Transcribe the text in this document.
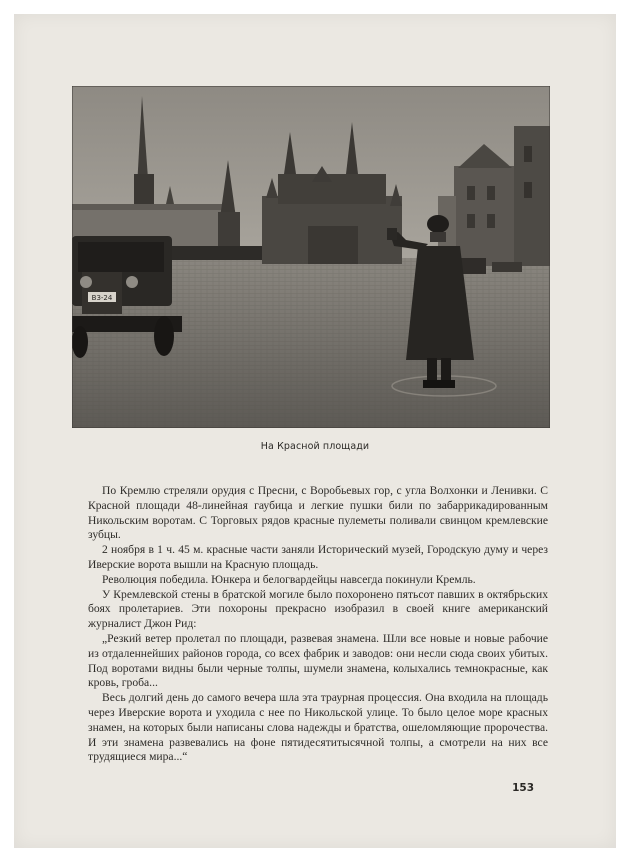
В3-24
На Красной площади

По Кремлю стреляли орудия с Пресни, с Воробьевых гор, с угла Волхонки и Ленивки. С Красной площади 48-линейная гаубица и легкие пушки били по забаррикадированным Никольским воротам. С Торговых рядов красные пулеметы поливали свинцом кремлевские зубцы.

2 ноября в 1 ч. 45 м. красные части заняли Исторический музей, Городскую думу и через Иверские ворота вышли на Красную площадь.

Революция победила. Юнкера и белогвардейцы навсегда покинули Кремль.

У Кремлевской стены в братской могиле было похоронено пятьсот павших в октябрьских боях пролетариев. Эти похороны прекрасно изобразил в своей книге американский журналист Джон Рид:

„Резкий ветер пролетал по площади, развевая знамена. Шли все новые и новые рабочие из отдаленнейших районов города, со всех фабрик и заводов: они несли сюда своих убитых. Под воротами видны были черные толпы, шумели знамена, колыхались темнокрасные, как кровь, гроба...

Весь долгий день до самого вечера шла эта траурная процессия. Она входила на площадь через Иверские ворота и уходила с нее по Никольской улице. То было целое море красных знамен, на которых были написаны слова надежды и братства, ошеломляющие пророчества. И эти знамена развевались на фоне пятидесятитысячной толпы, а смотрели на них все трудящиеся мира...“

153
